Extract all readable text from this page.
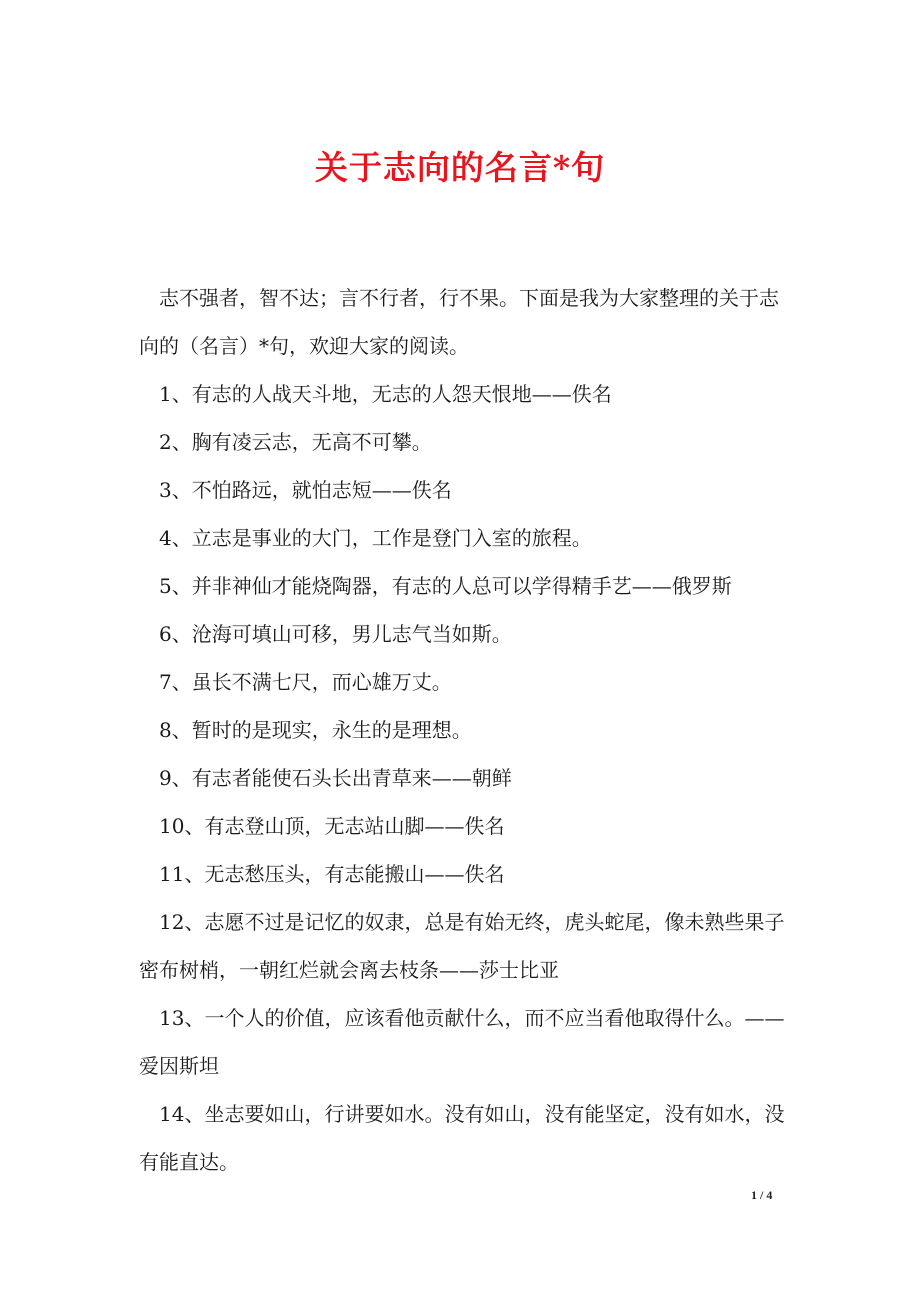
关于志向的名言*句

志不强者，智不达；言不行者，行不果。下面是我为大家整理的关于志向的（名言）*句，欢迎大家的阅读。

1、有志的人战天斗地，无志的人怨天恨地——佚名

2、胸有凌云志，无高不可攀。

3、不怕路远，就怕志短——佚名

4、立志是事业的大门，工作是登门入室的旅程。

5、并非神仙才能烧陶器，有志的人总可以学得精手艺——俄罗斯

6、沧海可填山可移，男儿志气当如斯。

7、虽长不满七尺，而心雄万丈。

8、暂时的是现实，永生的是理想。

9、有志者能使石头长出青草来——朝鲜

10、有志登山顶，无志站山脚——佚名

11、无志愁压头，有志能搬山——佚名

12、志愿不过是记忆的奴隶，总是有始无终，虎头蛇尾，像未熟些果子密布树梢，一朝红烂就会离去枝条——莎士比亚

13、一个人的价值，应该看他贡献什么，而不应当看他取得什么。——爱因斯坦

14、坐志要如山，行讲要如水。没有如山，没有能坚定，没有如水，没有能直达。

1 / 4
